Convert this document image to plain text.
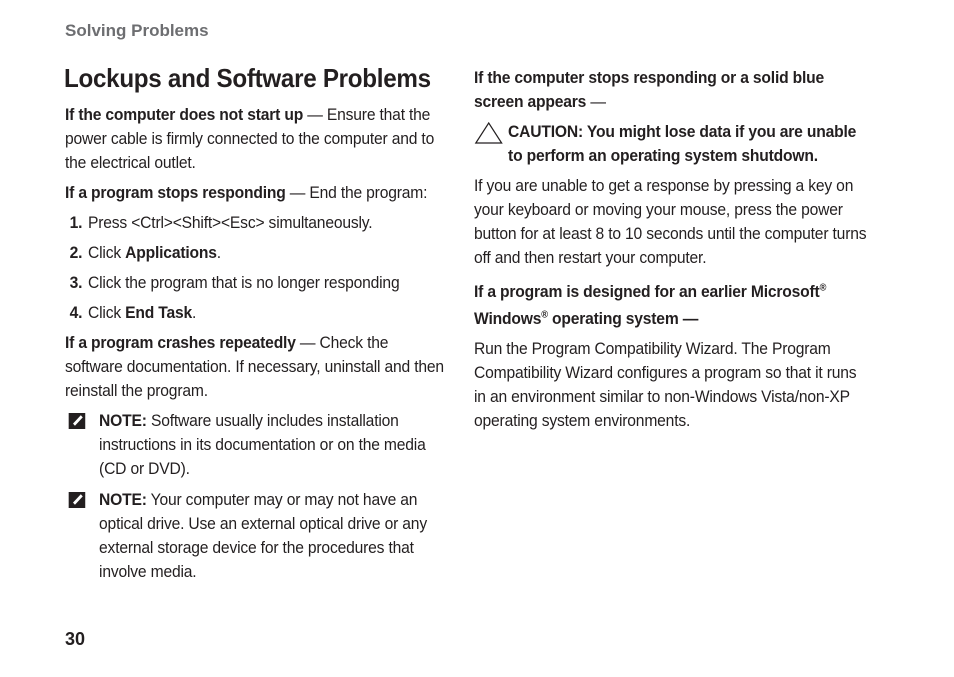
Solving Problems
Lockups and Software Problems

If the computer does not start up — Ensure that the power cable is firmly connected to the computer and to the electrical outlet.

If a program stops responding — End the program:

1. Press <Ctrl><Shift><Esc> simultaneously.
2. Click Applications.
3. Click the program that is no longer responding
4. Click End Task.

If a program crashes repeatedly — Check the software documentation. If necessary, uninstall and then reinstall the program.

NOTE: Software usually includes installation instructions in its documentation or on the media (CD or DVD).

NOTE: Your computer may or may not have an optical drive. Use an external optical drive or any external storage device for the procedures that involve media.

If the computer stops responding or a solid blue screen appears —

CAUTION: You might lose data if you are unable to perform an operating system shutdown.

If you are unable to get a response by pressing a key on your keyboard or moving your mouse, press the power button for at least 8 to 10 seconds until the computer turns off and then restart your computer.

If a program is designed for an earlier Microsoft® Windows® operating system —

Run the Program Compatibility Wizard. The Program Compatibility Wizard configures a program so that it runs in an environment similar to non-Windows Vista/non-XP operating system environments.

30
